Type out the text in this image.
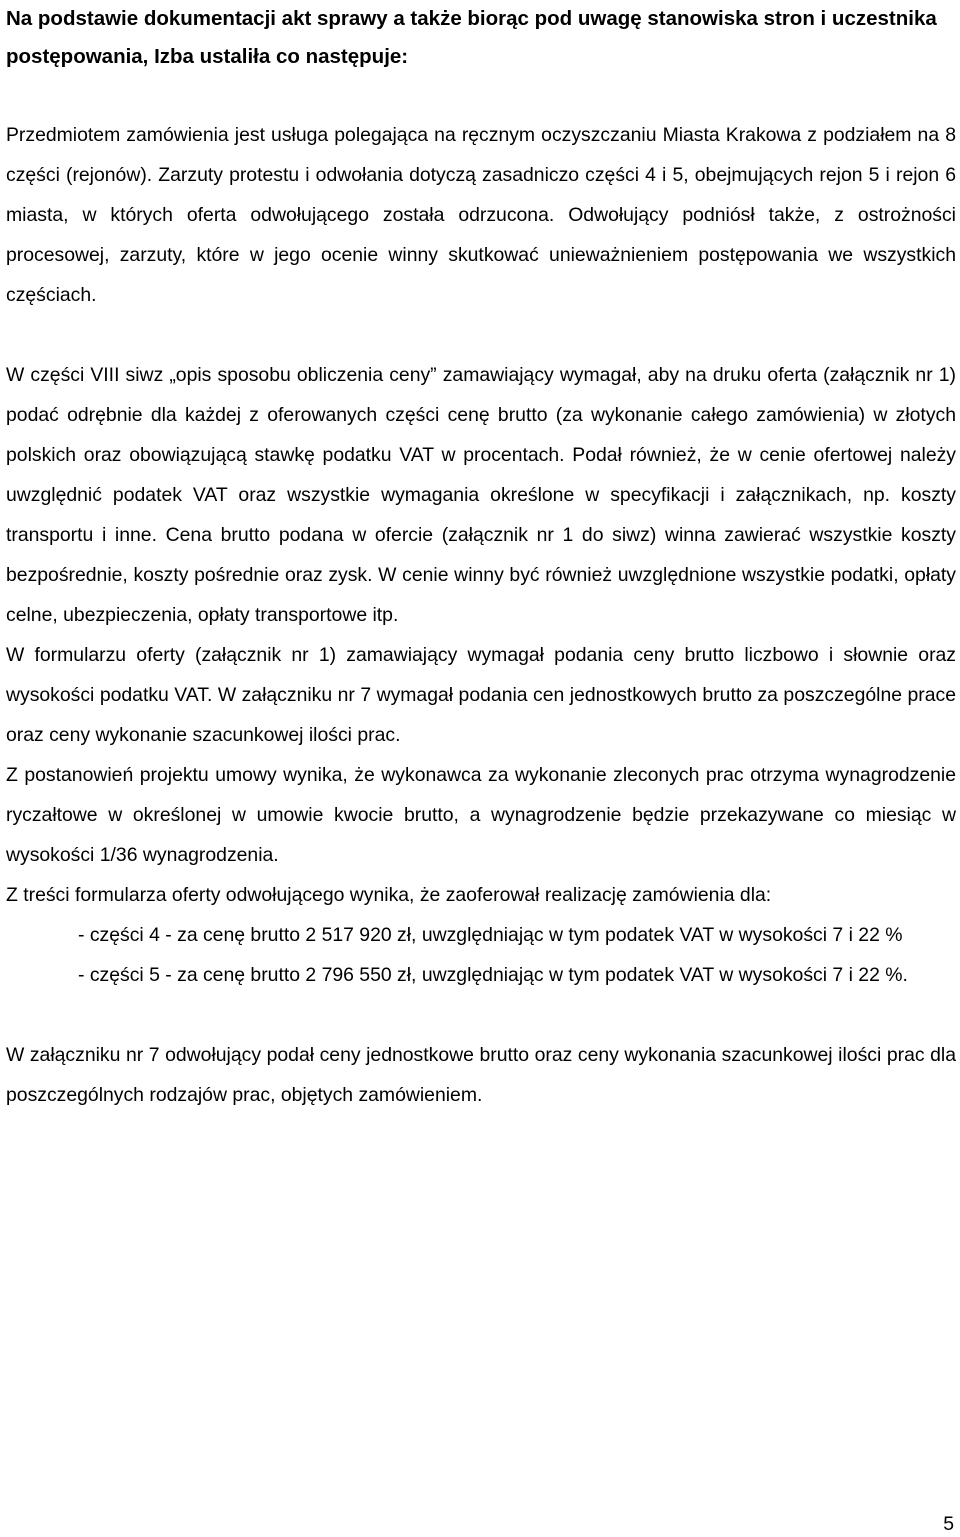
Na podstawie dokumentacji akt sprawy a także biorąc pod uwagę stanowiska stron i uczestnika postępowania, Izba ustaliła co następuje:

Przedmiotem zamówienia jest usługa polegająca na ręcznym oczyszczaniu Miasta Krakowa z podziałem na 8 części (rejonów). Zarzuty protestu i odwołania dotyczą zasadniczo części 4 i 5, obejmujących rejon 5 i rejon 6 miasta, w których oferta odwołującego została odrzucona. Odwołujący podniósł także, z ostrożności procesowej, zarzuty, które w jego ocenie winny skutkować unieważnieniem postępowania we wszystkich częściach.

W części VIII siwz „opis sposobu obliczenia ceny” zamawiający wymagał, aby na druku oferta (załącznik nr 1) podać odrębnie dla każdej z oferowanych części cenę brutto (za wykonanie całego zamówienia) w złotych polskich oraz obowiązującą stawkę podatku VAT w procentach. Podał również, że w cenie ofertowej należy uwzględnić podatek VAT oraz wszystkie wymagania określone w specyfikacji i załącznikach, np. koszty transportu i inne. Cena brutto podana w ofercie (załącznik nr 1 do siwz) winna zawierać wszystkie koszty bezpośrednie, koszty pośrednie oraz zysk. W cenie winny być również uwzględnione wszystkie podatki, opłaty celne, ubezpieczenia, opłaty transportowe itp.

W formularzu oferty (załącznik nr 1) zamawiający wymagał podania ceny brutto liczbowo i słownie oraz wysokości podatku VAT. W załączniku nr 7 wymagał podania cen jednostkowych brutto za poszczególne prace oraz ceny wykonanie szacunkowej ilości prac.

Z postanowień projektu umowy wynika, że wykonawca za wykonanie zleconych prac otrzyma wynagrodzenie ryczałtowe w określonej w umowie kwocie brutto, a wynagrodzenie będzie przekazywane co miesiąc w wysokości 1/36 wynagrodzenia.

Z treści formularza oferty odwołującego wynika, że zaoferował realizację zamówienia dla:

- części 4 - za cenę brutto 2 517 920 zł, uwzględniając w tym podatek VAT w wysokości 7 i 22 %
- części 5 - za cenę brutto 2 796 550 zł, uwzględniając w tym podatek VAT w wysokości 7 i 22 %.

W załączniku nr 7 odwołujący podał ceny jednostkowe brutto oraz ceny wykonania szacunkowej ilości prac dla poszczególnych rodzajów prac, objętych zamówieniem.

5
